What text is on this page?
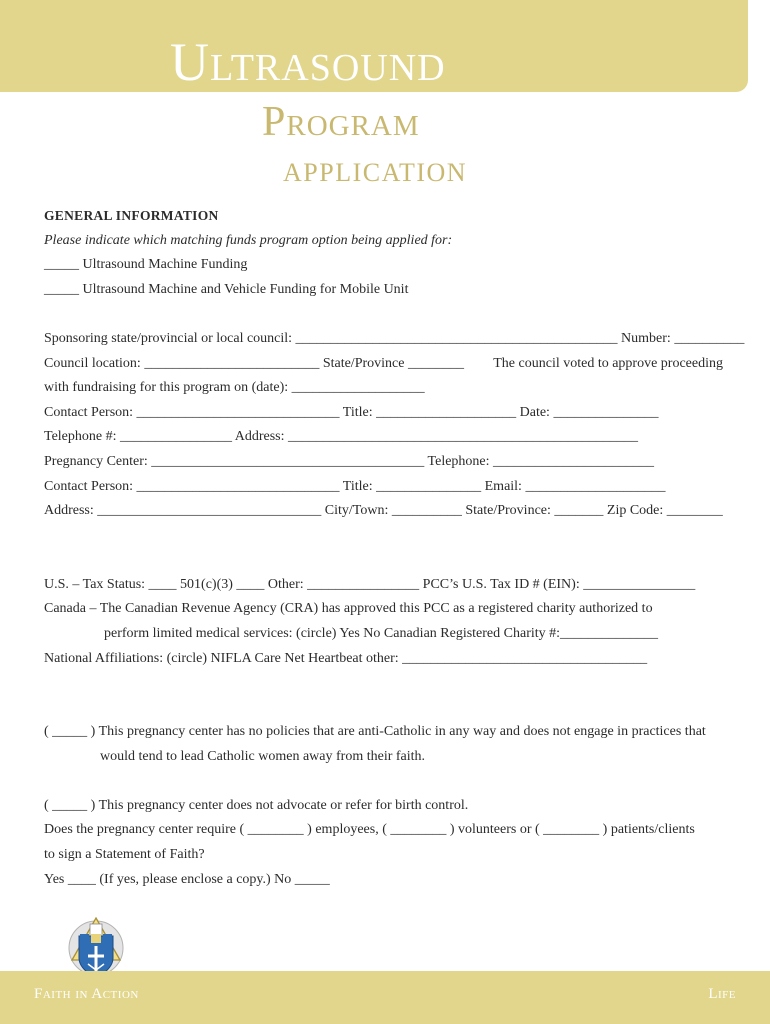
Ultrasound
Program
APPLICATION
GENERAL INFORMATION
Please indicate which matching funds program option being applied for:
_____ Ultrasound Machine Funding
_____ Ultrasound Machine and Vehicle Funding for Mobile Unit
Sponsoring state/provincial or local council: ______________________________________________ Number: __________
Council location: _________________________ State/Province ________ The council voted to approve proceeding
with fundraising for this program on (date): ___________________
Contact Person: _____________________________ Title: ____________________ Date: _______________
Telephone #: ________________ Address: __________________________________________________
Pregnancy Center: _______________________________________ Telephone: _______________________
Contact Person: _____________________________ Title: _______________ Email: ____________________
Address: ________________________________ City/Town: __________ State/Province: _______ Zip Code: ________
U.S. – Tax Status: ____ 501(c)(3) ____ Other: ________________ PCC’s U.S. Tax ID # (EIN): ________________
Canada – The Canadian Revenue Agency (CRA) has approved this PCC as a registered charity authorized to
perform limited medical services: (circle) Yes No Canadian Registered Charity #:______________
National Affiliations: (circle) NIFLA Care Net Heartbeat other: ___________________________________
( _____ ) This pregnancy center has no policies that are anti-Catholic in any way and does not engage in practices that
would tend to lead Catholic women away from their faith.
( _____ ) This pregnancy center does not advocate or refer for birth control.
Does the pregnancy center require ( ________ ) employees, ( ________ ) volunteers or ( ________ ) patients/clients
to sign a Statement of Faith?
Yes ____ (If yes, please enclose a copy.) No _____
Faith in Action	Life
